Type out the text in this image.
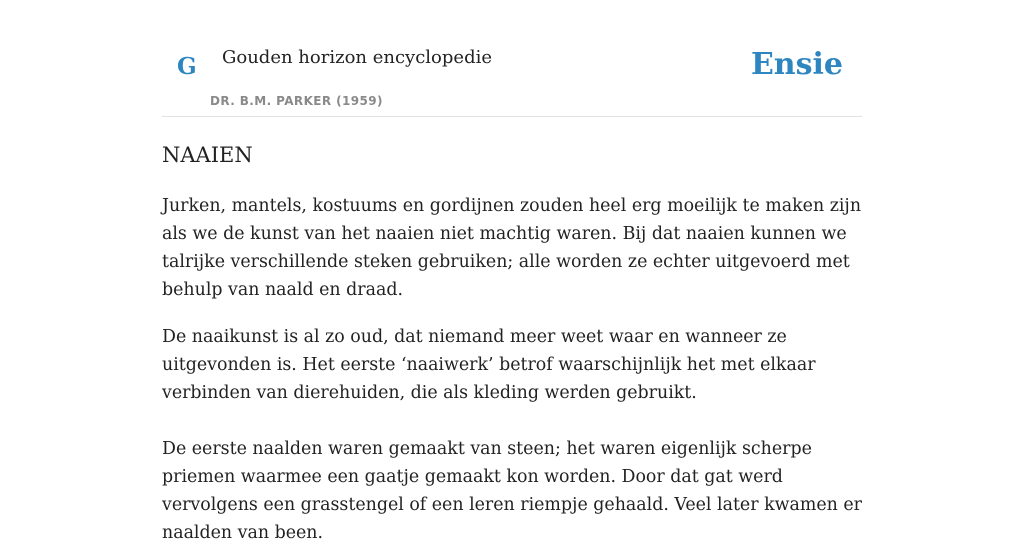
G Gouden horizon encyclopedie
DR. B.M. PARKER (1959)
Ensie
NAAIEN

Jurken, mantels, kostuums en gordijnen zouden heel erg moeilijk te maken zijn als we de kunst van het naaien niet machtig waren. Bij dat naaien kunnen we talrijke verschillende steken gebruiken; alle worden ze echter uitgevoerd met behulp van naald en draad.

De naaikunst is al zo oud, dat niemand meer weet waar en wanneer ze uitgevonden is. Het eerste ‘naaiwerk’ betrof waarschijnlijk het met elkaar verbinden van dierehuiden, die als kleding werden gebruikt.

De eerste naalden waren gemaakt van steen; het waren eigenlijk scherpe priemen waarmee een gaatje gemaakt kon worden. Door dat gat werd vervolgens een grasstengel of een leren riempje gehaald. Veel later kwamen er naalden van been.
